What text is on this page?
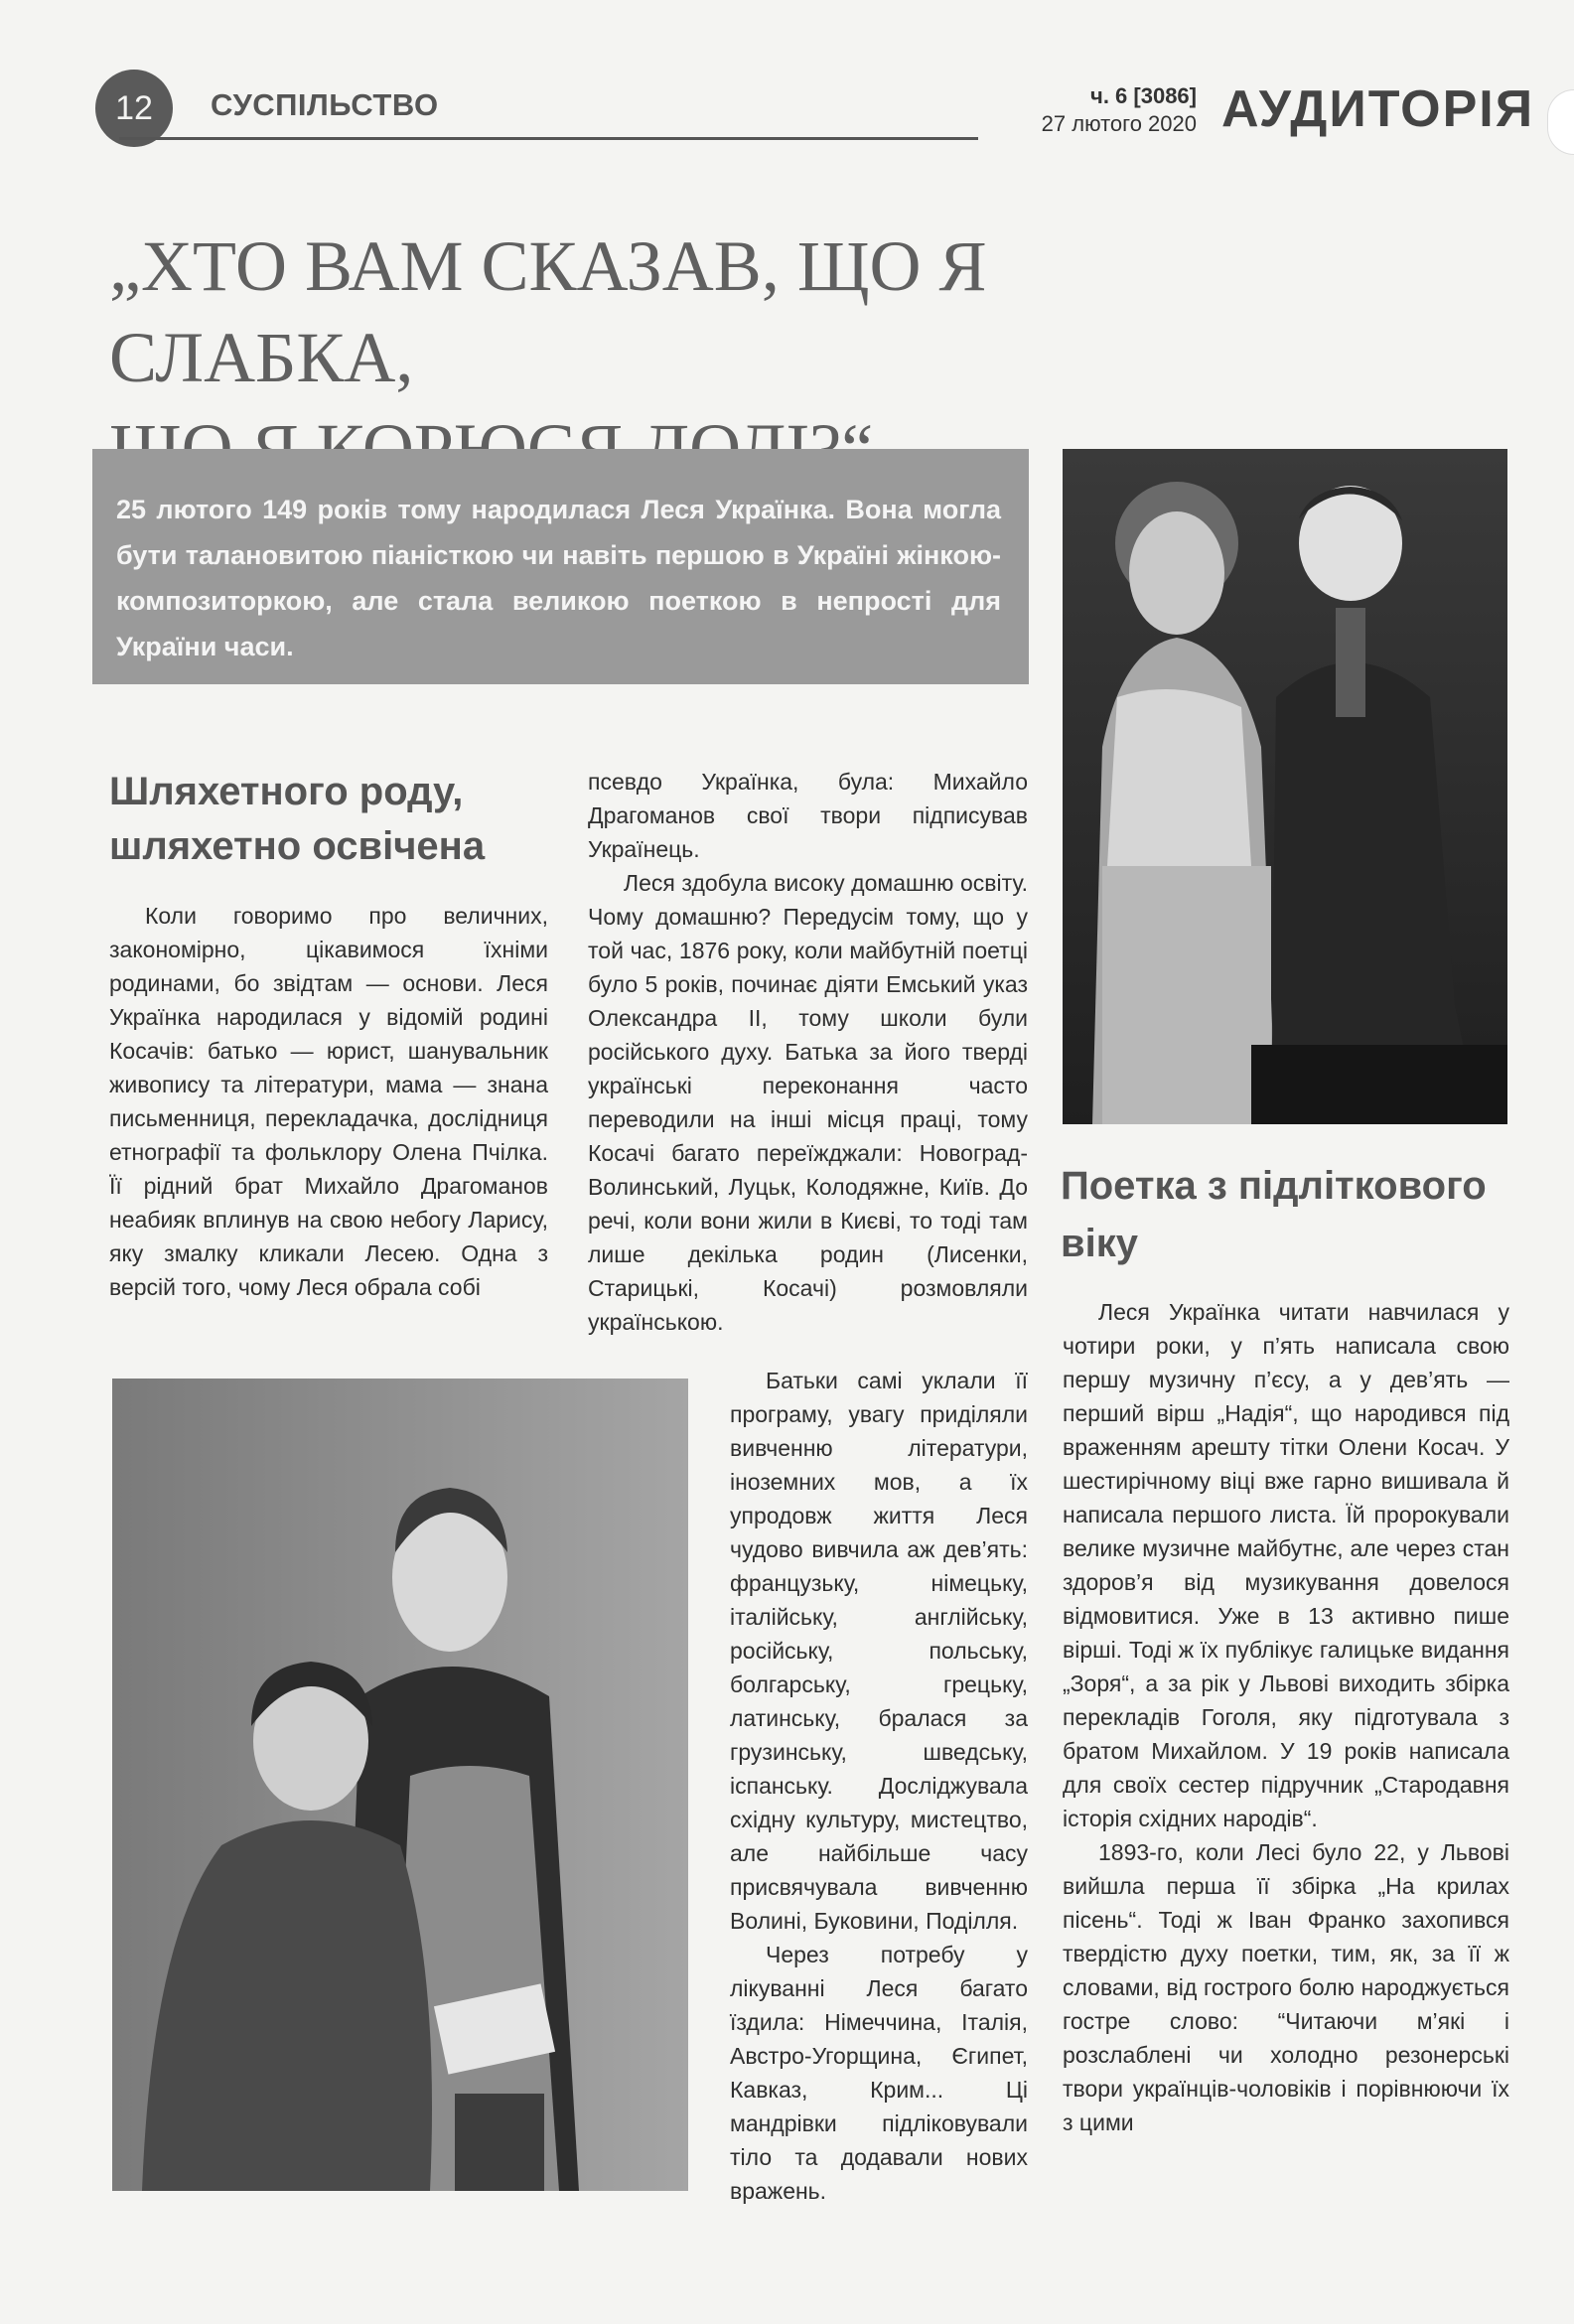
12	СУСПІЛЬСТВО	ч. 6 [3086]
27 лютого 2020 АУДИТОРІЯ
„ХТО ВАМ СКАЗАВ, ЩО Я СЛАБКА,

25 лютого 149 років тому народилася Леся Українка. Вона могла бути талановитою піаністкою чи навіть першою в Україні жінкою-композиторкою, але стала великою поеткою в непрості для України часи.

Шляхетного роду, шляхетно освічена

Коли говоримо про величних, закономірно, цікавимося їхніми родинами, бо звідтам — основи. Леся Українка народилася у відомій родині Косачів: батько — юрист, шанувальник живопису та літератури, мама — знана письменниця, перекладачка, дослідниця етнографії та фольклору Олена Пчілка. Її рідний брат Михайло Драгоманов неабияк вплинув на свою небогу Ларису, яку змалку кликали Лесею. Одна з версій того, чому Леся обрала собі

псевдо Українка, була: Михайло Драгоманов свої твори підписував Українець.

Леся здобула високу домашню освіту. Чому домашню? Передусім тому, що у той час, 1876 року, коли майбутній поетці було 5 років, починає діяти Емський указ Олександра II, тому школи були російського духу. Батька за його тверді українські переконання часто переводили на інші місця праці, тому Косачі багато переїжджали: Новоград-Волинський, Луцьк, Колодяжне, Київ. До речі, коли вони жили в Києві, то тоді там лише декілька родин (Лисенки, Старицькі, Косачі) розмовляли українською.

Батьки самі уклали її програму, увагу приділяли вивченню літератури, іноземних мов, а їх упродовж життя Леся чудово вивчила аж дев’ять: французьку, німецьку, італійську, англійську, російську, польську, болгарську, грецьку, латинську, бралася за грузинську, шведську, іспанську. Досліджувала східну культуру, мистецтво, але найбільше часу присвячувала вивченню Волині, Буковини, Поділля.

Через потребу у лікуванні Леся багато їздила: Німеччина, Італія, Австро-Угорщина, Єгипет, Кавказ, Крим... Ці мандрівки підліковували тіло та додавали нових вражень.

Поетка з підліткового віку

Леся Українка читати навчилася у чотири роки, у п’ять написала свою першу музичну п’єсу, а у дев’ять — перший вірш „Надія“, що народився під враженням арешту тітки Олени Косач. У шестирічному віці вже гарно вишивала й написала першого листа. Їй пророкували велике музичне майбутнє, але через стан здоров’я від музикування довелося відмовитися. Уже в 13 активно пише вірші. Тоді ж їх публікує галицьке видання „Зоря“, а за рік у Львові виходить збірка перекладів Гоголя, яку підготувала з братом Михайлом. У 19 років написала для своїх сестер підручник „Стародавня історія східних народів“.

1893-го, коли Лесі було 22, у Львові вийшла перша її збірка „На крилах пісень“. Тоді ж Іван Франко захопився твердістю духу поетки, тим, як, за її ж словами, від гострого болю народжується гостре слово: “Читаючи м’які і розслаблені чи холодно резонерські твори українців-чоловіків і порівнюючи їх з цими
